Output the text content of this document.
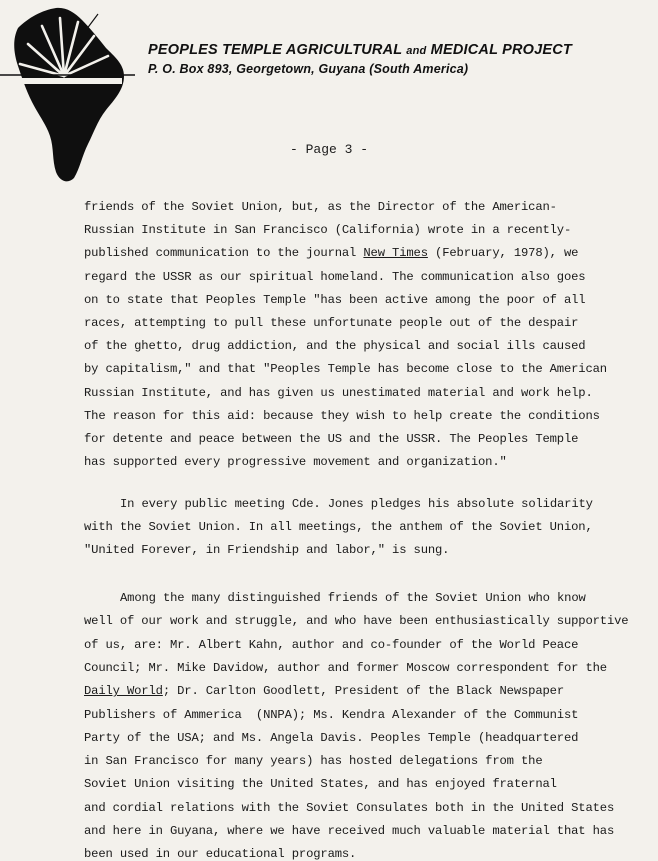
PEOPLES TEMPLE AGRICULTURAL and MEDICAL PROJECT
P. O. Box 893, Georgetown, Guyana (South America)
- Page 3 -
friends of the Soviet Union, but, as the Director of the American-
Russian Institute in San Francisco (California) wrote in a recently-
published communication to the journal New Times (February, 1978), we
regard the USSR as our spiritual homeland. The communication also goes
on to state that Peoples Temple "has been active among the poor of all
races, attempting to pull these unfortunate people out of the despair
of the ghetto, drug addiction, and the physical and social ills caused
by capitalism," and that "Peoples Temple has become close to the American
Russian Institute, and has given us unestimated material and work help.
The reason for this aid: because they wish to help create the conditions
for detente and peace between the US and the USSR. The Peoples Temple
has supported every progressive movement and organization."
In every public meeting Cde. Jones pledges his absolute solidarity
with the Soviet Union. In all meetings, the anthem of the Soviet Union,
"United Forever, in Friendship and labor," is sung.
Among the many distinguished friends of the Soviet Union who know
well of our work and struggle, and who have been enthusiastically supportive
of us, are: Mr. Albert Kahn, author and co-founder of the World Peace
Council; Mr. Mike Davidow, author and former Moscow correspondent for the
Daily World; Dr. Carlton Goodlett, President of the Black Newspaper
Publishers of Ammerica  (NNPA); Ms. Kendra Alexander of the Communist
Party of the USA; and Ms. Angela Davis. Peoples Temple (headquartered
in San Francisco for many years) has hosted delegations from the
Soviet Union visiting the United States, and has enjoyed fraternal
and cordial relations with the Soviet Consulates both in the United States
and here in Guyana, where we have received much valuable material that has
been used in our educational programs.
